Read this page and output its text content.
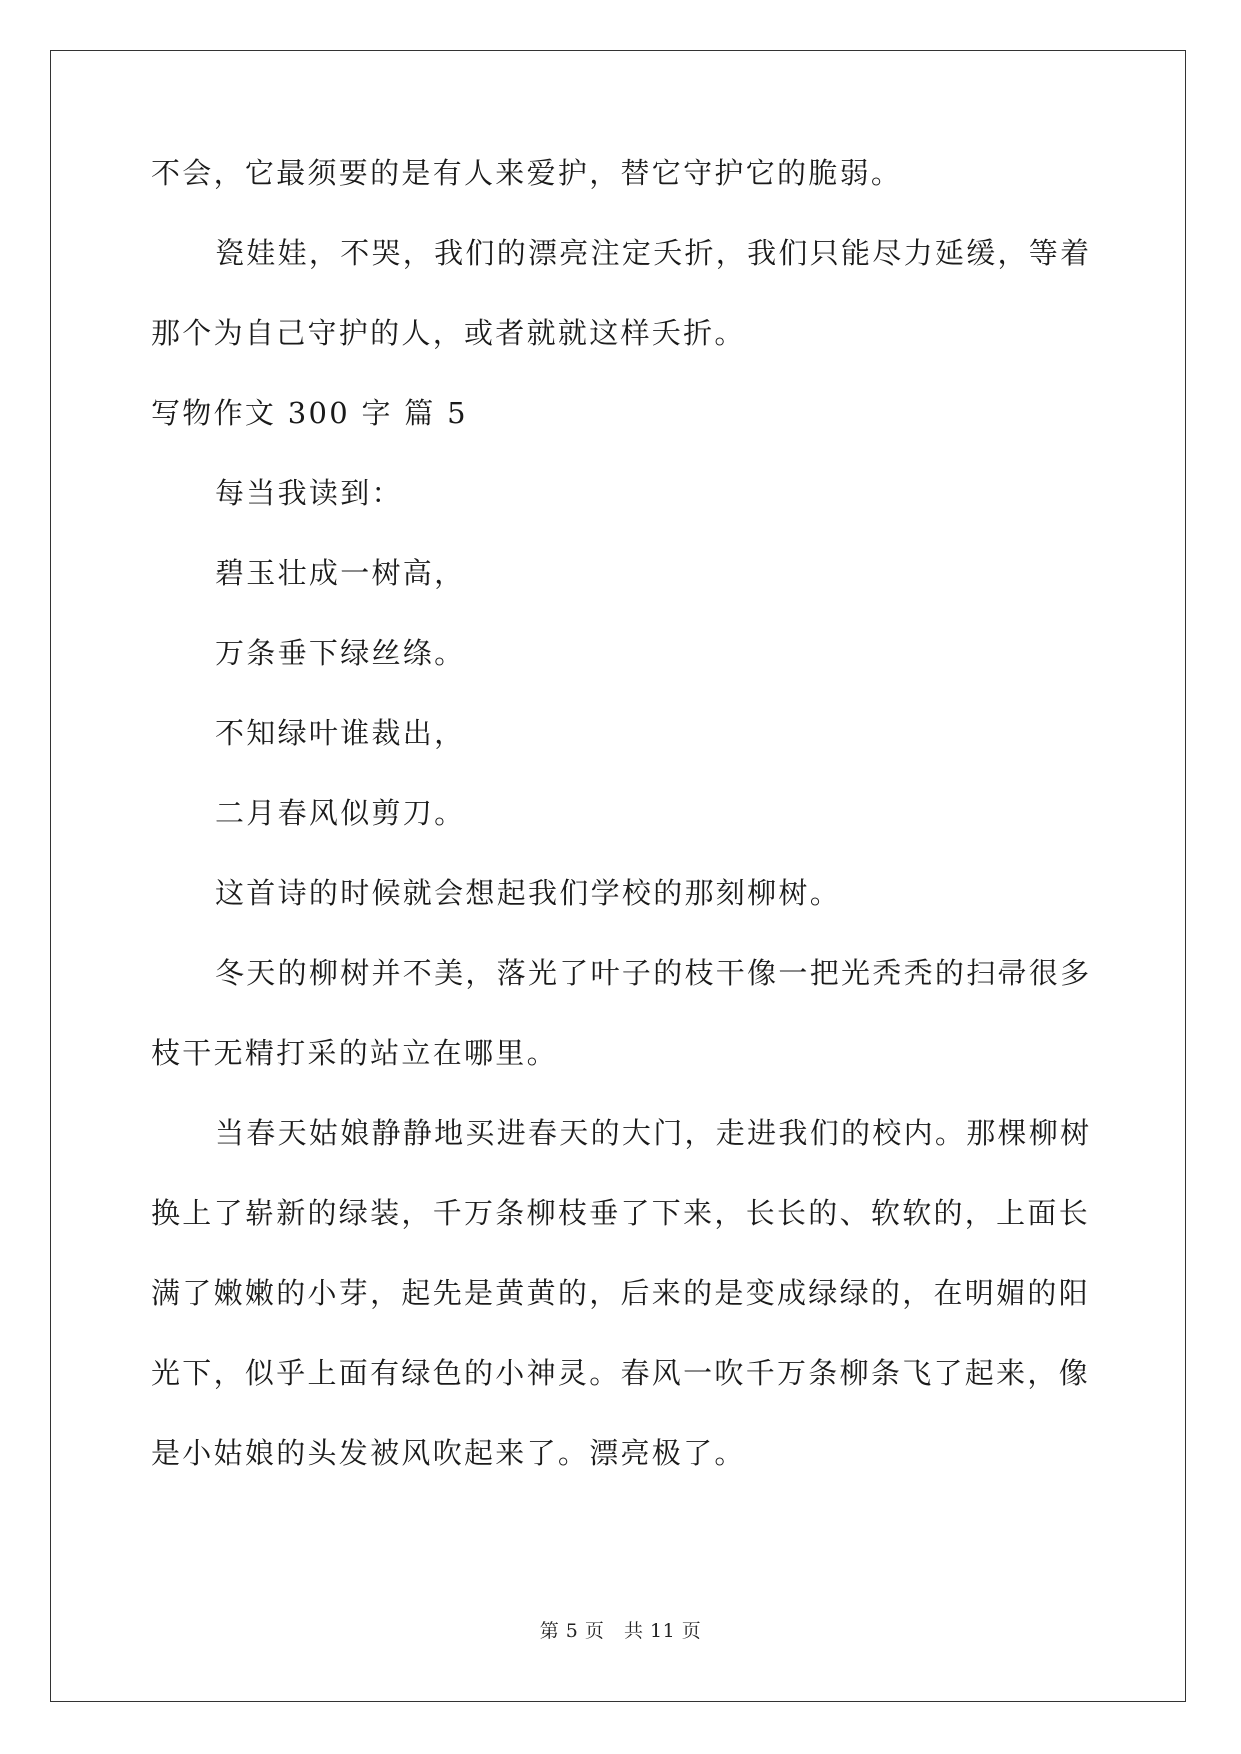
不会，它最须要的是有人来爱护，替它守护它的脆弱。
瓷娃娃，不哭，我们的漂亮注定夭折，我们只能尽力延缓，等着
那个为自己守护的人，或者就就这样夭折。
写物作文 300 字 篇 5
每当我读到：
碧玉壮成一树高，
万条垂下绿丝绦。
不知绿叶谁裁出，
二月春风似剪刀。
这首诗的时候就会想起我们学校的那刻柳树。
冬天的柳树并不美，落光了叶子的枝干像一把光秃秃的扫帚很多
枝干无精打采的站立在哪里。
当春天姑娘静静地买进春天的大门，走进我们的校内。那棵柳树
换上了崭新的绿装，千万条柳枝垂了下来，长长的、软软的，上面长
满了嫩嫩的小芽，起先是黄黄的，后来的是变成绿绿的，在明媚的阳
光下，似乎上面有绿色的小神灵。春风一吹千万条柳条飞了起来，像
是小姑娘的头发被风吹起来了。漂亮极了。
第 5 页   共 11 页
